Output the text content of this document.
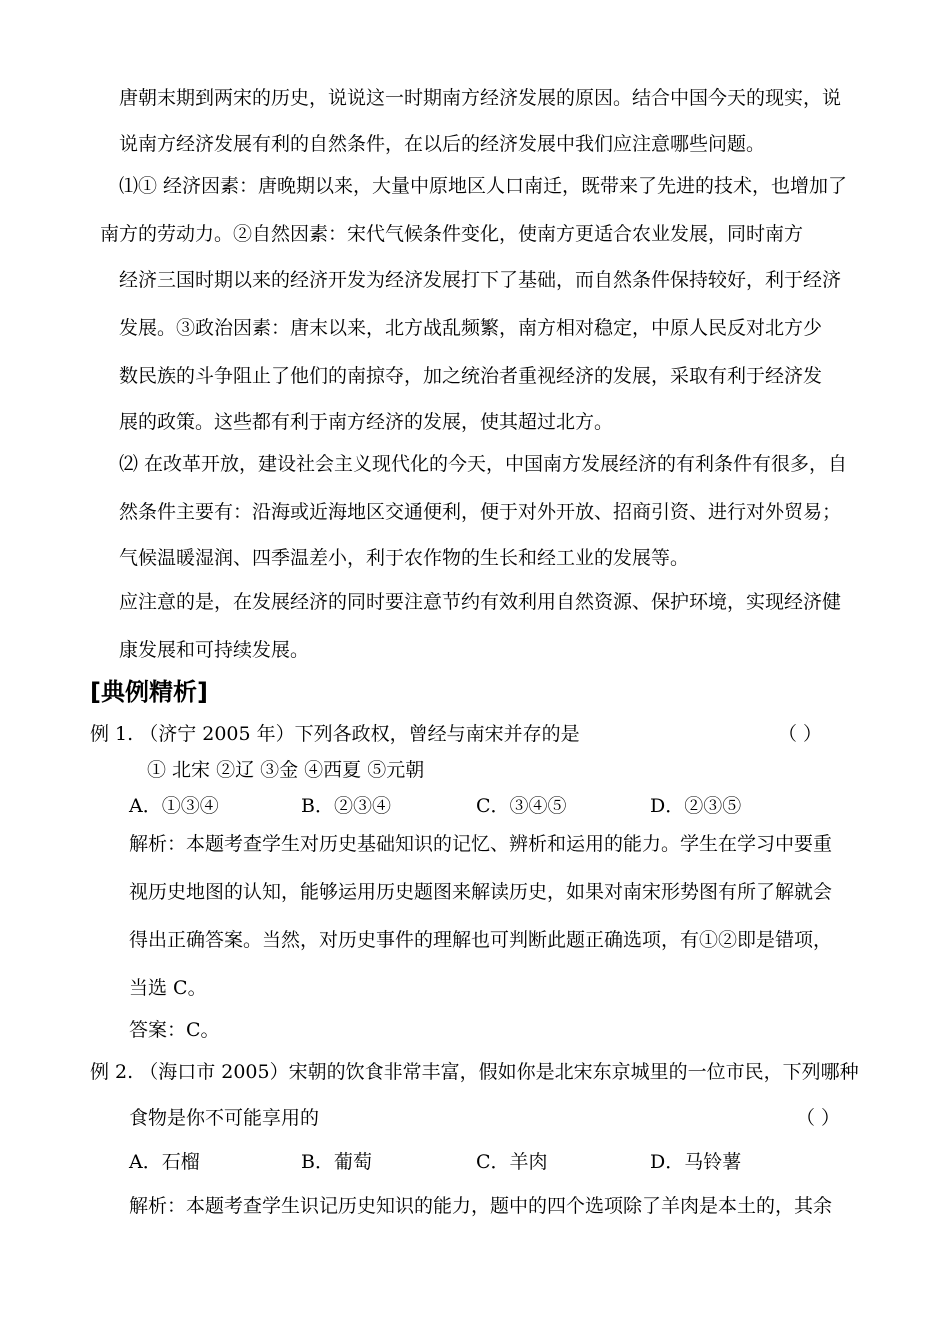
唐朝末期到两宋的历史，说说这一时期南方经济发展的原因。结合中国今天的现实，说
说南方经济发展有利的自然条件，在以后的经济发展中我们应注意哪些问题。
⑴① 经济因素：唐晚期以来，大量中原地区人口南迁，既带来了先进的技术，也增加了
南方的劳动力。②自然因素：宋代气候条件变化，使南方更适合农业发展，同时南方
经济三国时期以来的经济开发为经济发展打下了基础，而自然条件保持较好，利于经济
发展。③政治因素：唐末以来，北方战乱频繁，南方相对稳定，中原人民反对北方少
数民族的斗争阻止了他们的南掠夺，加之统治者重视经济的发展，采取有利于经济发
展的政策。这些都有利于南方经济的发展，使其超过北方。
⑵ 在改革开放，建设社会主义现代化的今天，中国南方发展经济的有利条件有很多，自
然条件主要有：沿海或近海地区交通便利，便于对外开放、招商引资、进行对外贸易；
气候温暖湿润、四季温差小，利于农作物的生长和经工业的发展等。
应注意的是，在发展经济的同时要注意节约有效利用自然资源、保护环境，实现经济健
康发展和可持续发展。
[典例精析]
例 1. （济宁 2005 年）下列各政权，曾经与南宋并存的是	（ ）
① 北宋 ②辽 ③金 ④西夏 ⑤元朝
A．①③④	B．②③④	C．③④⑤	D．②③⑤
解析：本题考查学生对历史基础知识的记忆、辨析和运用的能力。学生在学习中要重
视历史地图的认知，能够运用历史题图来解读历史，如果对南宋形势图有所了解就会
得出正确答案。当然，对历史事件的理解也可判断此题正确选项，有①②即是错项，
当选 C。
答案：C。
例 2. （海口市 2005）宋朝的饮食非常丰富，假如你是北宋东京城里的一位市民，下列哪种
食物是你不可能享用的	（ ）
A．石榴	B．葡萄	C．羊肉	D．马铃薯
解析：本题考查学生识记历史知识的能力，题中的四个选项除了羊肉是本土的，其余
